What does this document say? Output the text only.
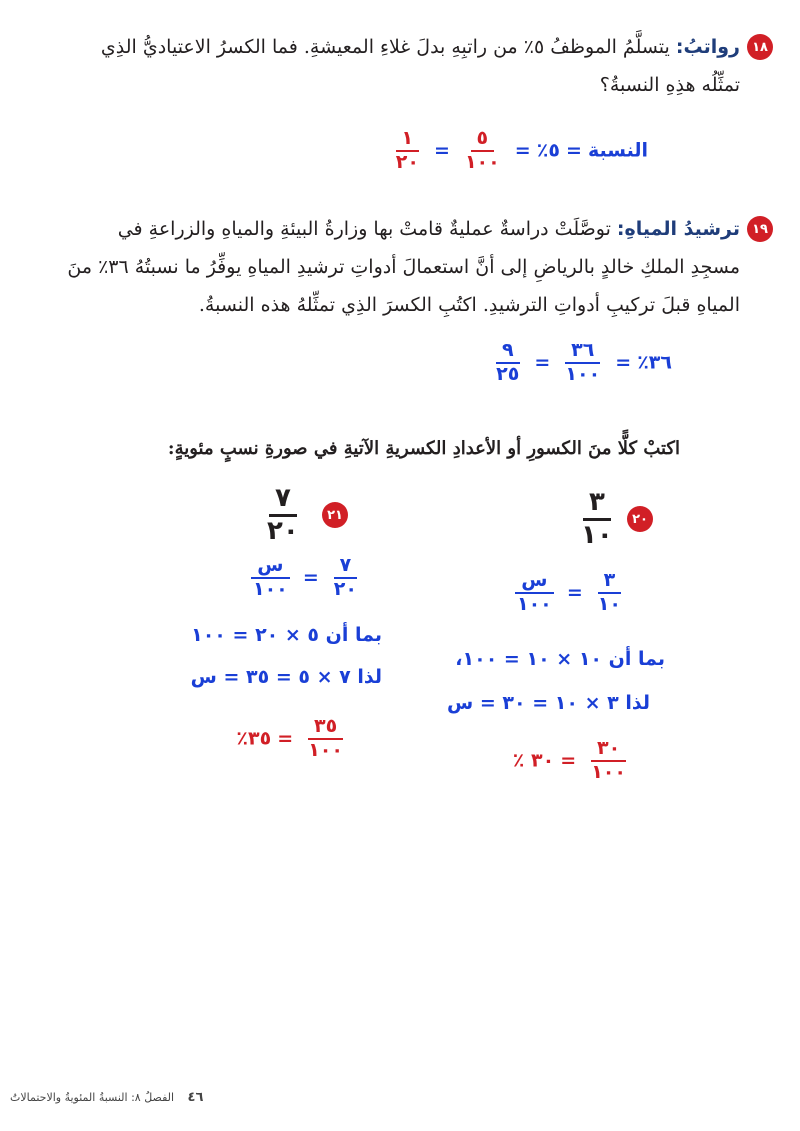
١٨
رواتبُ: يتسلَّمُ الموظفُ ٥٪ من راتبِهِ بدلَ غلاءِ المعيشةِ. فما الكسرُ الاعتياديُّ الذِي
تمثِّلُه هذِهِ النسبةُ؟
النسبة = ٥٪ =
$\frac{٥}{١٠٠}$
=
$\frac{١}{٢٠}$
١٩
ترشيدُ المياهِ: توصَّلَتْ دراسةٌ عمليةٌ قامتْ بها وزارةُ البيئةِ والمياهِ والزراعةِ في
مسجِدِ الملكِ خالدٍ بالرياضِ إلى أنَّ استعمالَ أدواتِ ترشيدِ المياهِ يوفِّرُ ما نسبتُهُ ٣٦٪ منَ
المياهِ قبلَ تركيبِ أدواتِ الترشيدِ. اكتُبِ الكسرَ الذِي تمثِّلهُ هذه النسبةُ.
٣٦٪ =
$\frac{٣٦}{١٠٠}$
=
$\frac{٩}{٢٥}$
اكتبْ كلًّا منَ الكسورِ أو الأعدادِ الكسريةِ الآتيةِ في صورةِ نسبٍ مئويةٍ:
٢٠
٣
١٠
$\frac{٣}{١٠}$
=
$\frac{\text{س}}{١٠٠}$
بما أن ١٠ × ١٠ = ١٠٠،
لذا ٣ × ١٠ = ٣٠ = س
$\frac{٣٠}{١٠٠}$
= ٣٠ ٪
٢١
٧
٢٠
$\frac{٧}{٢٠}$
=
$\frac{\text{س}}{١٠٠}$
بما أن ٥ × ٢٠ = ١٠٠
لذا ٧ × ٥ = ٣٥ = س
$\frac{٣٥}{١٠٠}$
= ٣٥٪
٤٦ الفصلُ ٨: النسبةُ المئويةُ والاحتمالاتُ
